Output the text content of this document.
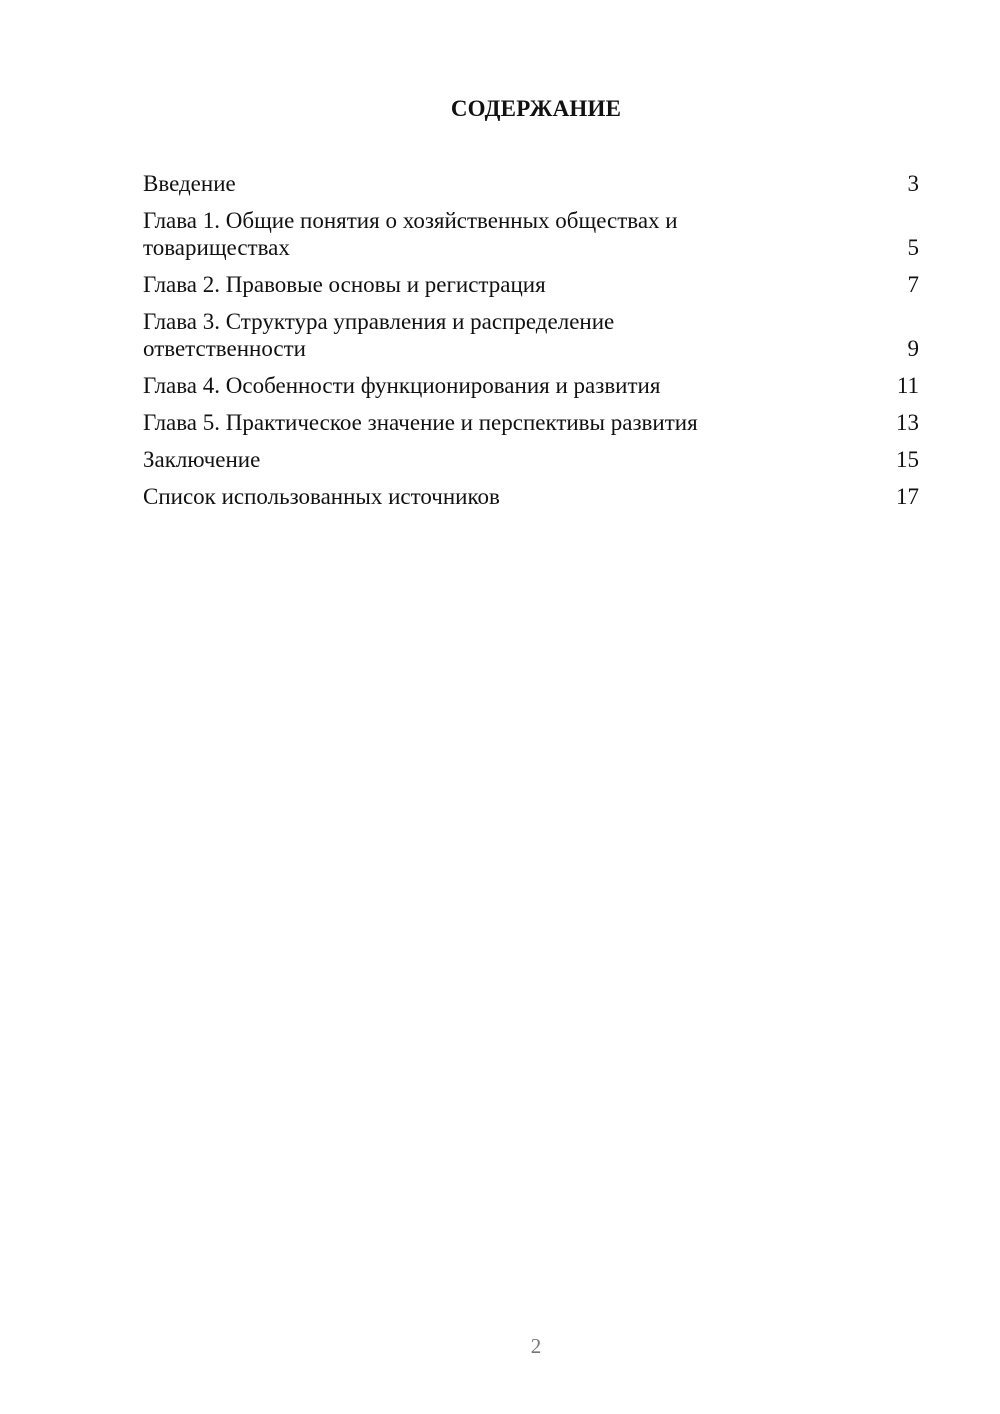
СОДЕРЖАНИЕ
Введение	3
Глава 1. Общие понятия о хозяйственных обществах и товариществах	5
Глава 2. Правовые основы и регистрация	7
Глава 3. Структура управления и распределение ответственности	9
Глава 4. Особенности функционирования и развития	11
Глава 5. Практическое значение и перспективы развития	13
Заключение	15
Список использованных источников	17
2
